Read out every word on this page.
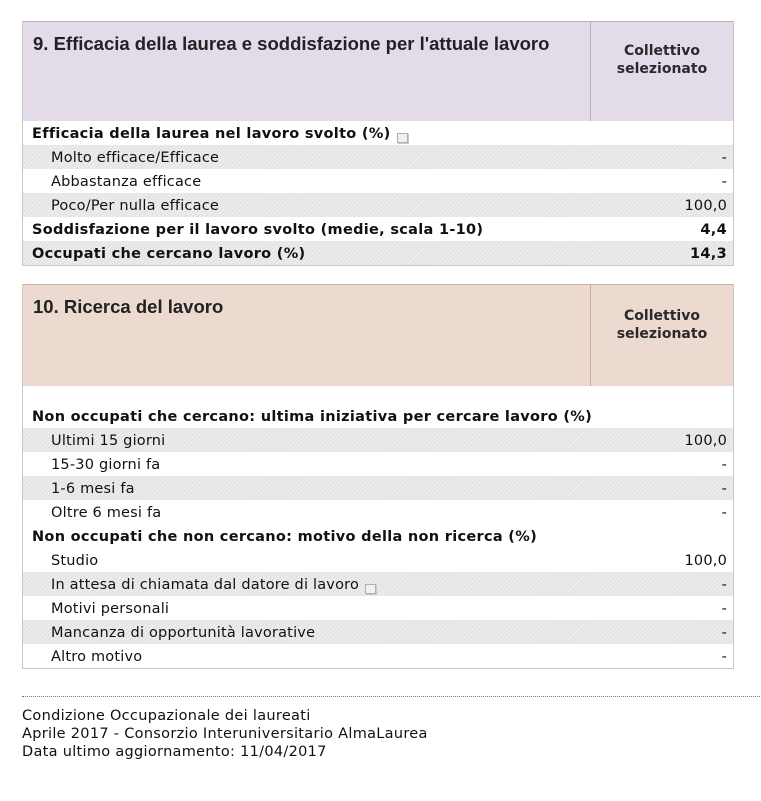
9. Efficacia della laurea e soddisfazione per l'attuale lavoro	Collettivo selezionato
Efficacia della laurea nel lavoro svolto (%)
Molto efficace/Efficace	-
Abbastanza efficace	-
Poco/Per nulla efficace	100,0
Soddisfazione per il lavoro svolto (medie, scala 1-10)	4,4
Occupati che cercano lavoro (%)	14,3
10. Ricerca del lavoro	Collettivo selezionato
Non occupati che cercano: ultima iniziativa per cercare lavoro (%)
Ultimi 15 giorni	100,0
15-30 giorni fa	-
1-6 mesi fa	-
Oltre 6 mesi fa	-
Non occupati che non cercano: motivo della non ricerca (%)
Studio	100,0
In attesa di chiamata dal datore di lavoro	-
Motivi personali	-
Mancanza di opportunità lavorative	-
Altro motivo	-
Condizione Occupazionale dei laureati
Aprile 2017 - Consorzio Interuniversitario AlmaLaurea
Data ultimo aggiornamento: 11/04/2017
